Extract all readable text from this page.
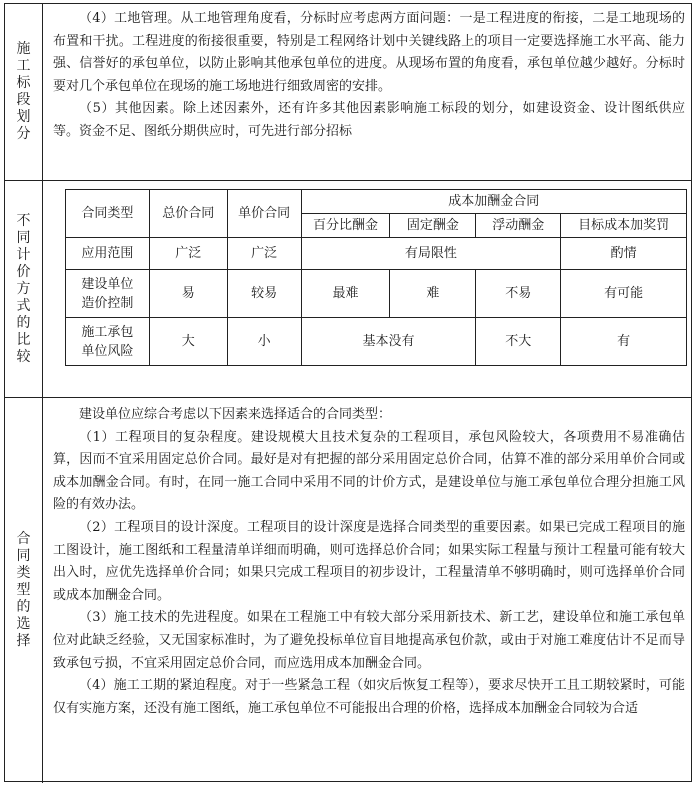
施
工
标
段
划
分

（4）工地管理。从工地管理角度看，分标时应考虑两方面问题：一是工程进度的衔接，二是工地现场的布置和干扰。工程进度的衔接很重要，特别是工程网络计划中关键线路上的项目一定要选择施工水平高、能力强、信誉好的承包单位，以防止影响其他承包单位的进度。从现场布置的角度看，承包单位越少越好。分标时要对几个承包单位在现场的施工场地进行细致周密的安排。

（5）其他因素。除上述因素外，还有许多其他因素影响施工标段的划分，如建设资金、设计图纸供应等。资金不足、图纸分期供应时，可先进行部分招标

不
同
计
价
方
式
的
比
较
合同类型	总价合同	单价合同	成本加酬金合同			
			百分比酬金	固定酬金	浮动酬金	目标成本加奖罚
应用范围	广泛	广泛	有局限性			酌情

建设单位
造价控制	易	较易	最难	难	不易	有可能

施工承包
单位风险	大	小	基本没有		不大	有
合
同
类
型
的
选
择

建设单位应综合考虑以下因素来选择适合的合同类型：

（1）工程项目的复杂程度。建设规模大且技术复杂的工程项目，承包风险较大，各项费用不易准确估算，因而不宜采用固定总价合同。最好是对有把握的部分采用固定总价合同，估算不准的部分采用单价合同或成本加酬金合同。有时，在同一施工合同中采用不同的计价方式，是建设单位与施工承包单位合理分担施工风险的有效办法。

（2）工程项目的设计深度。工程项目的设计深度是选择合同类型的重要因素。如果已完成工程项目的施工图设计，施工图纸和工程量清单详细而明确，则可选择总价合同；如果实际工程量与预计工程量可能有较大出入时，应优先选择单价合同；如果只完成工程项目的初步设计，工程量清单不够明确时，则可选择单价合同或成本加酬金合同。

（3）施工技术的先进程度。如果在工程施工中有较大部分采用新技术、新工艺，建设单位和施工承包单位对此缺乏经验，又无国家标准时，为了避免投标单位盲目地提高承包价款，或由于对施工难度估计不足而导致承包亏损，不宜采用固定总价合同，而应选用成本加酬金合同。

（4）施工工期的紧迫程度。对于一些紧急工程（如灾后恢复工程等），要求尽快开工且工期较紧时，可能仅有实施方案，还没有施工图纸，施工承包单位不可能报出合理的价格，选择成本加酬金合同较为合适
